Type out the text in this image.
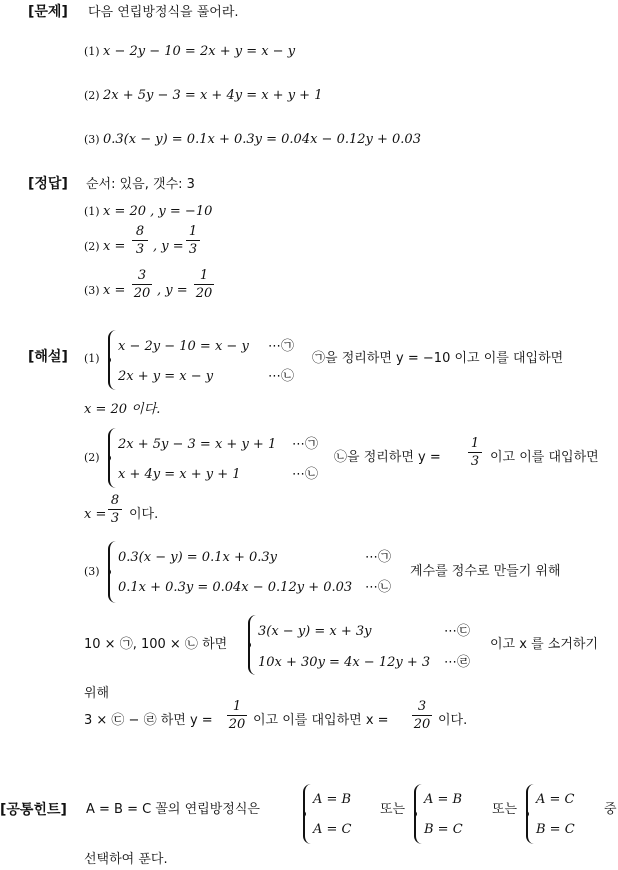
[문제] 다음 연립방정식을 풀어라.
(1) x − 2y − 10 = 2x + y = x − y
(2) 2x + 5y − 3 = x + 4y = x + y + 1
(3) 0.3(x − y) = 0.1x + 0.3y = 0.04x − 0.12y + 0.03
[정답] 순서: 있음, 갯수: 3
(1) x = 20 , y = −10
(2) x =
8
3 , y =
1
3
(3) x =
3
20 , y =
1
20
[해설] (1)
x − 2y − 10 = x − y ⋯㉠
2x + y = x − y	⋯㉡
㉠을 정리하면 y = −10 이고 이를 대입하면
x = 20 이다.
(2)
2x + 5y − 3 = x + y + 1 ⋯㉠
x + 4y = x + y + 1	⋯㉡
㉡을 정리하면 y =
1
3 이고 이를 대입하면
x =
8
3 이다.
(3)
0.3(x − y) = 0.1x + 0.3y	⋯㉠
0.1x + 0.3y = 0.04x − 0.12y + 0.03 ⋯㉡
계수를 정수로 만들기 위해
10 × ㉠, 100 × ㉡ 하면
3(x − y) = x + 3y	⋯㉢
10x + 30y = 4x − 12y + 3 ⋯㉣
이고 x 를 소거하기
위해
3 × ㉢ − ㉣ 하면 y =
1
20 이고 이를 대입하면 x =
3
20 이다.
[공통힌트] A = B = C 꼴의 연립방정식은
A = B
A = C
또는
A = B
B = C
또는
A = C
B = C
중
선택하여 푼다.
